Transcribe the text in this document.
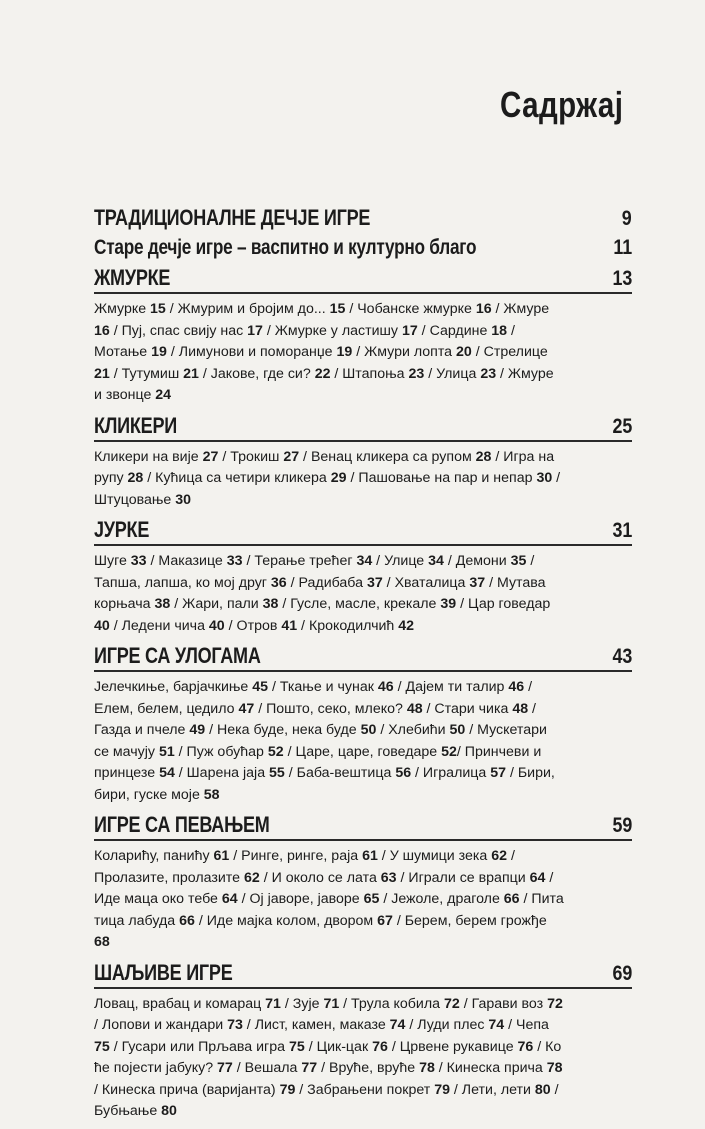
Садржај
ТРАДИЦИОНАЛНЕ ДЕЧЈЕ ИГРЕ	9
Старе дечје игре – васпитно и културно благо	11
ЖМУРКЕ	13
Жмурке 15 / Жмурим и бројим до... 15 / Чобанске жмурке 16 / Жмуре 16 / Пуј, спас свију нас 17 / Жмурке у ластишу 17 / Сардине 18 / Мотање 19 / Лимунови и поморанџе 19 / Жмури лопта 20 / Стрелице 21 / Тутумиш 21 / Јакове, где си? 22 / Штапоња 23 / Улица 23 / Жмуре и звонце 24
КЛИКЕРИ	25
Кликери на вије 27 / Трокиш 27 / Венац кликера са рупом 28 / Игра на рупу 28 / Кућица са четири кликера 29 / Пашовање на пар и непар 30 / Штуцовање 30
ЈУРКЕ	31
Шуге 33 / Маказице 33 / Терање трећег 34 / Улице 34 / Демони 35 / Тапша, лапша, ко мој друг 36 / Радибаба 37 / Хваталица 37 / Мутава корњача 38 / Жари, пали 38 / Гусле, масле, крекале 39 / Цар говедар 40 / Ледени чича 40 / Отров 41 / Крокодилчић 42
ИГРЕ СА УЛОГАМА	43
Јелечкиње, барјачкиње 45 / Ткање и чунак 46 / Дајем ти талир 46 / Елем, белем, цедило 47 / Пошто, секо, млеко? 48 / Стари чика 48 / Газда и пчеле 49 / Нека буде, нека буде 50 / Хлебићи 50 / Мускетари се мачују 51 / Пуж обућар 52 / Царе, царе, говедаре 52/ Принчеви и принцезе 54 / Шарена јаја 55 / Баба-вештица 56 / Игралица 57 / Бири, бири, гуске моје 58
ИГРЕ СА ПЕВАЊЕМ	59
Коларићу, панићу 61 / Ринге, ринге, раја 61 / У шумици зека 62 / Пролазите, пролазите 62 / И около се лата 63 / Играли се врапци 64 / Иде маца око тебе 64 / Ој јаворе, јаворе 65 / Јежоле, драголе 66 / Пита тица лабуда 66 / Иде мајка колом, двором 67 / Берем, берем грожђе 68
ШАЉИВЕ ИГРЕ	69
Ловац, врабац и комарац 71 / Зује 71 / Трула кобила 72 / Гарави воз 72 / Лопови и жандари 73 / Лист, камен, маказе 74 / Луди плес 74 / Чепа 75 / Гусари или Прљава игра 75 / Цик-цак 76 / Црвене рукавице 76 / Ко ће појести јабуку? 77 / Вешала 77 / Врућe, врућe 78 / Кинеска прича 78 / Кинеска прича (варијанта) 79 / Забрањени покрет 79 / Лети, лети 80 / Бубњање 80
